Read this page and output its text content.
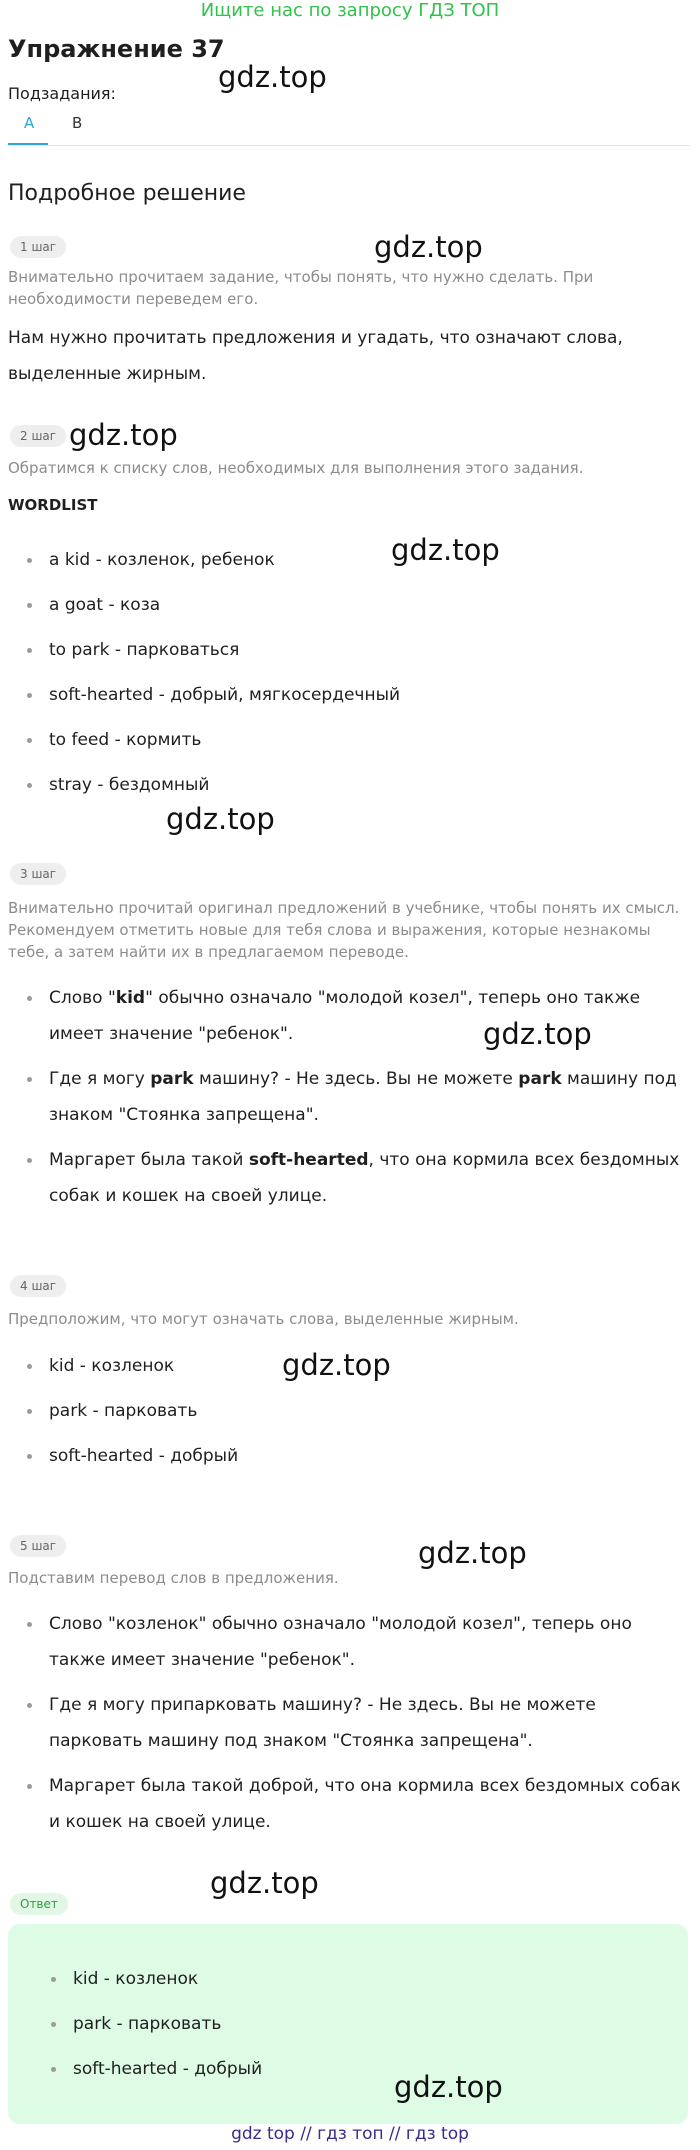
Ищите нас по запросу ГДЗ ТОП
Упражнение 37
Подзадания:
A	B
Подробное решение
1 шаг
Внимательно прочитаем задание, чтобы понять, что нужно сделать. При необходимости переведем его.
Нам нужно прочитать предложения и угадать, что означают слова, выделенные жирным.
2 шаг
Обратимся к списку слов, необходимых для выполнения этого задания.
WORDLIST
a kid - козленок, ребенок
a goat - коза
to park - парковаться
soft-hearted - добрый, мягкосердечный
to feed - кормить
stray - бездомный
3 шаг
Внимательно прочитай оригинал предложений в учебнике, чтобы понять их смысл. Рекомендуем отметить новые для тебя слова и выражения, которые незнакомы тебе, а затем найти их в предлагаемом переводе.
Слово "kid" обычно означало "молодой козел", теперь оно также имеет значение "ребенок".
Где я могу park машину? - Не здесь. Вы не можете park машину под знаком "Стоянка запрещена".
Маргарет была такой soft-hearted, что она кормила всех бездомных собак и кошек на своей улице.
4 шаг
Предположим, что могут означать слова, выделенные жирным.
kid - козленок
park - парковать
soft-hearted - добрый
5 шаг
Подставим перевод слов в предложения.
Слово "козленок" обычно означало "молодой козел", теперь оно также имеет значение "ребенок".
Где я могу припарковать машину? - Не здесь. Вы не можете парковать машину под знаком "Стоянка запрещена".
Маргарет была такой доброй, что она кормила всех бездомных собак и кошек на своей улице.
Ответ
kid - козленок
park - парковать
soft-hearted - добрый
gdz.top
gdz.top
gdz.top
gdz.top
gdz.top
gdz.top
gdz.top
gdz.top
gdz.top
gdz.top
gdz top // гдз топ // гдз top
